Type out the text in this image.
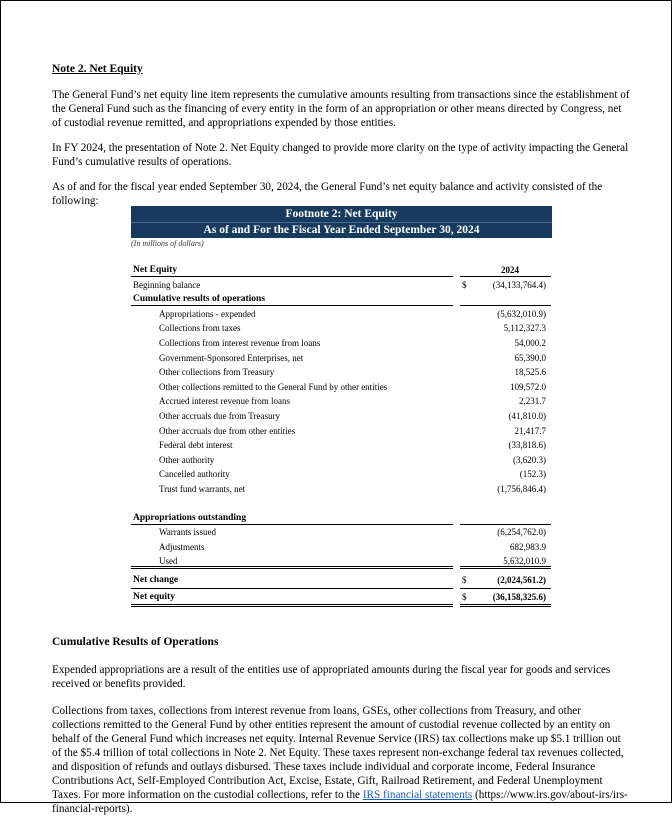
Note 2. Net Equity

The General Fund’s net equity line item represents the cumulative amounts resulting from transactions since the establishment of the General Fund such as the financing of every entity in the form of an appropriation or other means directed by Congress, net of custodial revenue remitted, and appropriations expended by those entities.

In FY 2024, the presentation of Note 2. Net Equity changed to provide more clarity on the type of activity impacting the General Fund’s cumulative results of operations.

As of and for the fiscal year ended September 30, 2024, the General Fund’s net equity balance and activity consisted of the following:

Footnote 2: Net Equity
As of and For the Fiscal Year Ended September 30, 2024
(In millions of dollars)
Net Equity	2024
Beginning balance	$	(34,133,764.4)
Cumulative results of operations
Appropriations - expended	(5,632,010.9)
Collections from taxes	5,112,327.3
Collections from interest revenue from loans	54,000.2
Government-Sponsored Enterprises, net	65,390.0
Other collections from Treasury	18,525.6
Other collections remitted to the General Fund by other entities	109,572.0
Accrued interest revenue from loans	2,231.7
Other accruals due from Treasury	(41,810.0)
Other accruals due from other entities	21,417.7
Federal debt interest	(33,818.6)
Other authority	(3,620.3)
Cancelled authority	(152.3)
Trust fund warrants, net	(1,756,846.4)
Appropriations outstanding
Warrants issued	(6,254,762.0)
Adjustments	682,983.9
Used	5,632,010.9
Net change	$	(2,024,561.2)
Net equity	$	(36,158,325.6)

Cumulative Results of Operations

Expended appropriations are a result of the entities use of appropriated amounts during the fiscal year for goods and services received or benefits provided.

Collections from taxes, collections from interest revenue from loans, GSEs, other collections from Treasury, and other collections remitted to the General Fund by other entities represent the amount of custodial revenue collected by an entity on behalf of the General Fund which increases net equity. Internal Revenue Service (IRS) tax collections make up $5.1 trillion out of the $5.4 trillion of total collections in Note 2. Net Equity. These taxes represent non-exchange federal tax revenues collected, and disposition of refunds and outlays disbursed. These taxes include individual and corporate income, Federal Insurance Contributions Act, Self-Employed Contribution Act, Excise, Estate, Gift, Railroad Retirement, and Federal Unemployment Taxes. For more information on the custodial collections, refer to the IRS financial statements (https://www.irs.gov/about-irs/irs-financial-reports).
